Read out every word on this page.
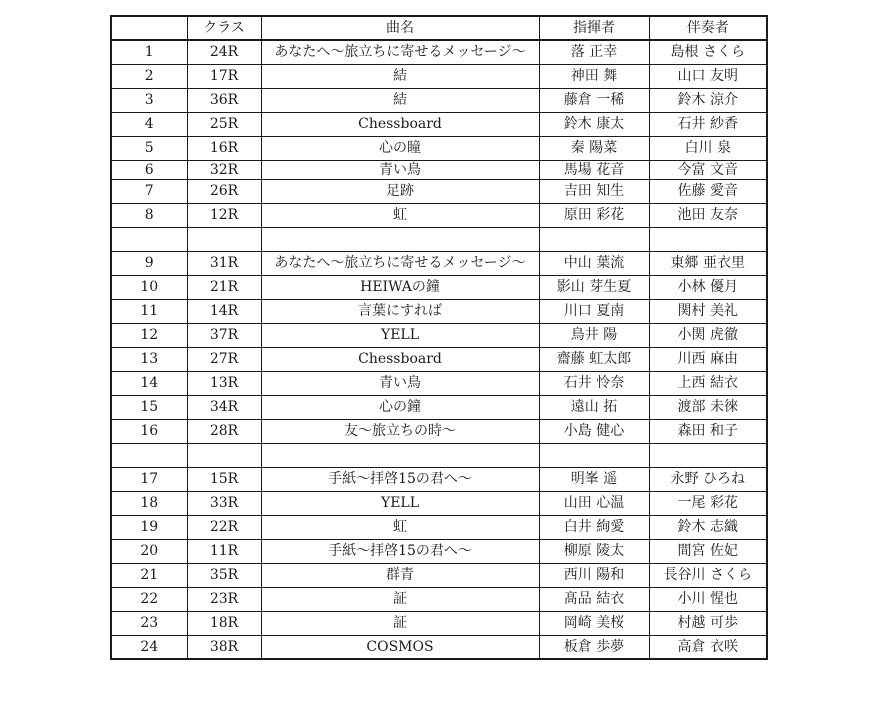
	クラス	曲名	指揮者	伴奏者
1	24R	あなたへ～旅立ちに寄せるメッセージ～	落 正幸	島根 さくら
2	17R	結	神田 舞	山口 友明
3	36R	結	藤倉 一稀	鈴木 涼介
4	25R	Chessboard	鈴木 康太	石井 紗香
5	16R	心の瞳	秦 陽菜	白川 泉
6	32R	青い鳥	馬場 花音	今富 文音
7	26R	足跡	吉田 知生	佐藤 愛音
8	12R	虹	原田 彩花	池田 友奈

9	31R	あなたへ～旅立ちに寄せるメッセージ～	中山 葉流	東郷 亜衣里
10	21R	HEIWAの鐘	影山 芽生夏	小林 優月
11	14R	言葉にすれば	川口 夏南	関村 美礼
12	37R	YELL	鳥井 陽	小関 虎徹
13	27R	Chessboard	齋藤 虹太郎	川西 麻由
14	13R	青い鳥	石井 怜奈	上西 結衣
15	34R	心の鐘	遠山 拓	渡部 未徠
16	28R	友～旅立ちの時～	小島 健心	森田 和子

17	15R	手紙～拝啓15の君へ～	明峯 遥	永野 ひろね
18	33R	YELL	山田 心温	一尾 彩花
19	22R	虹	白井 絢愛	鈴木 志織
20	11R	手紙～拝啓15の君へ～	柳原 陵太	間宮 佐妃
21	35R	群青	西川 陽和	長谷川 さくら
22	23R	証	髙品 結衣	小川 惺也
23	18R	証	岡崎 美桜	村越 可歩
24	38R	COSMOS	板倉 歩夢	高倉 衣咲
